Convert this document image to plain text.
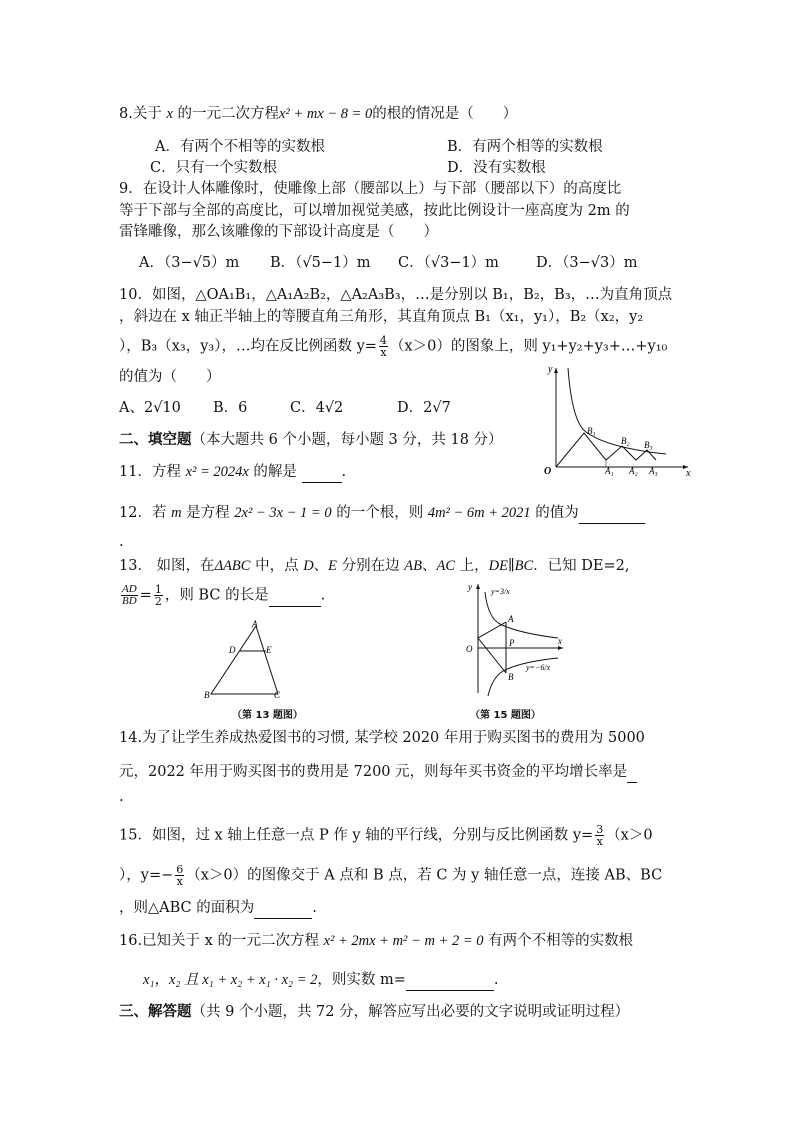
8.关于 x 的一元二次方程x² + mx − 8 = 0的根的情况是（　　）
A．有两个不相等的实数根	B．有两个相等的实数根
C．只有一个实数根	D．没有实数根
9．在设计人体雕像时，使雕像上部（腰部以上）与下部（腰部以下）的高度比
等于下部与全部的高度比，可以增加视觉美感，按此比例设计一座高度为 2m 的
雷锋雕像，那么该雕像的下部设计高度是（　　）
A．（3−√5）m B．（√5−1）m C．（√3−1）m	D．（3−√3）m
10．如图，△OA₁B₁，△A₁A₂B₂，△A₂A₃B₃，…是分别以 B₁，B₂，B₃，…为直角顶点
，斜边在 x 轴正半轴上的等腰直角三角形，其直角顶点 B₁（x₁，y₁），B₂（x₂，y₂
），B₃（x₃，y₃），…均在反比例函数 $y= \frac{4}{x} (x>0)$的图象上，则 y₁+y₂+y₃+…+y₁₀
的值为（　　）
A、2√10 B．6	C．4√2	D．2√7
y
x
O
B₁
B₂ B₃
A₁ A₂ A₃
二、填空题（本大题共 6 个小题，每小题 3 分，共 18 分）
11．方程 x² = 2024x 的解是	.
12．若 m 是方程 2x² − 3x − 1 = 0 的一个根，则 4m² − 6m + 2021 的值为
.
13． 如图，在ΔABC 中，点 D、E 分别在边 AB、AC 上，DE∥BC．已知 DE=2,
$\frac{AD}{BD} = \frac{1}{2}$ ，则 BC 的长是	.
A
B	C
D	E
（第 13 题图）
y
x
O
A
B
P
y=3/x
y=−6/x
（第 15 题图）
14.为了让学生养成热爱图书的习惯, 某学校 2020 年用于购买图书的费用为 5000
元，2022 年用于购买图书的费用是 7200 元，则每年买书资金的平均增长率是
.
15．如图，过 x 轴上任意一点 P 作 y 轴的平行线，分别与反比例函数 $y= \frac{3}{x} (x>0$
），$y=- \frac{6}{x} (x>0)$的图像交于 A 点和 B 点，若 C 为 y 轴任意一点，连接 AB、BC
，则△ABC 的面积为	.
16.已知关于 x 的一元二次方程 x² + 2mx + m² − m + 2 = 0 有两个不相等的实数根
x₁，x₂ 且 x₁ + x₂ + x₁ · x₂ = 2，则实数 m=	.
三、解答题（共 9 个小题，共 72 分，解答应写出必要的文字说明或证明过程）
